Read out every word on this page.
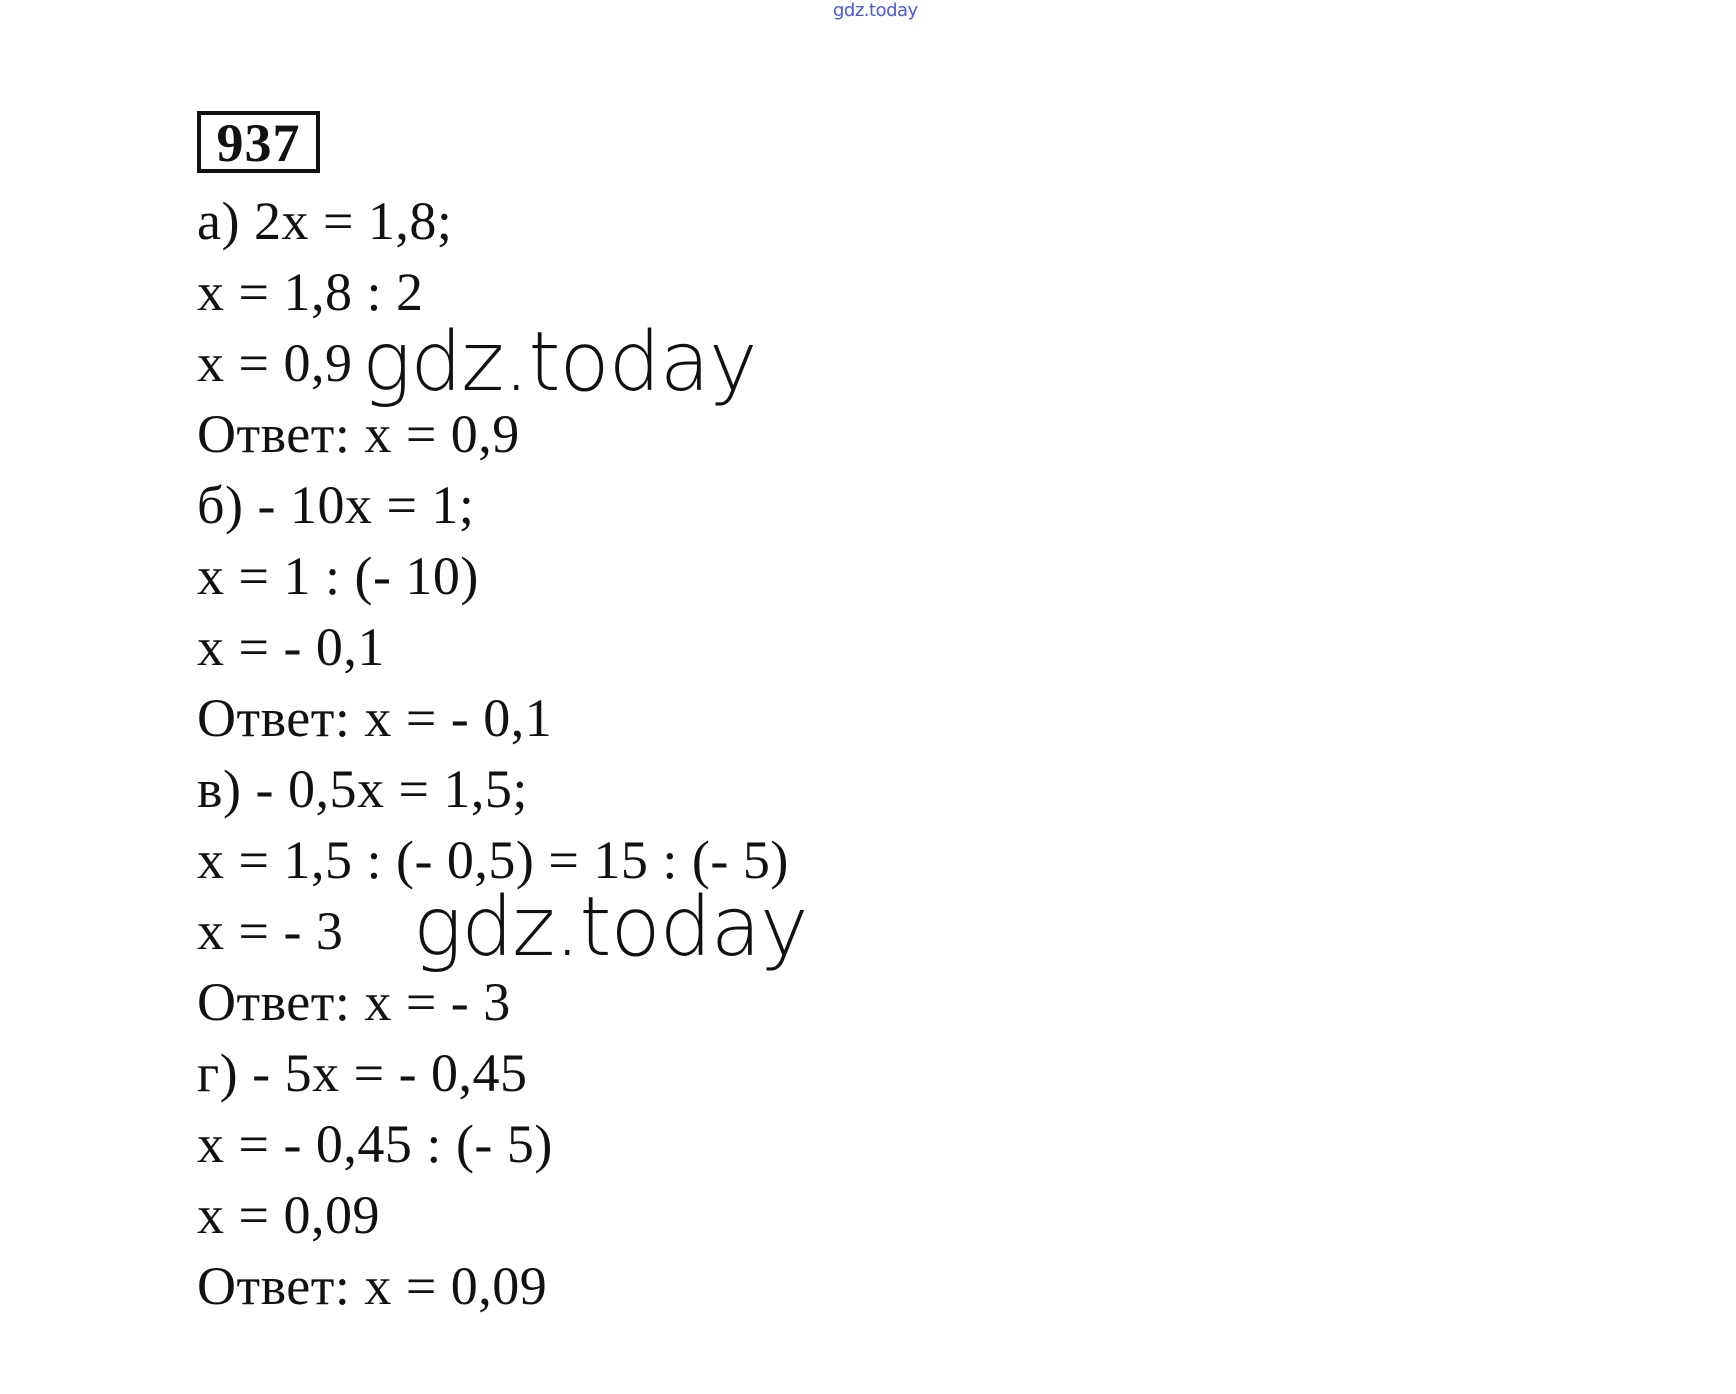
gdz.today
937
а) 2x = 1,8;
x = 1,8 : 2
x = 0,9
Ответ: x = 0,9
б) - 10x = 1;
x = 1 : (- 10)
x = - 0,1
Ответ: x = - 0,1
в) - 0,5x = 1,5;
x = 1,5 : (- 0,5) = 15 : (- 5)
x = - 3
Ответ: x = - 3
г) - 5x = - 0,45
x = - 0,45 : (- 5)
x = 0,09
Ответ: x = 0,09
gdz.today
gdz.today
